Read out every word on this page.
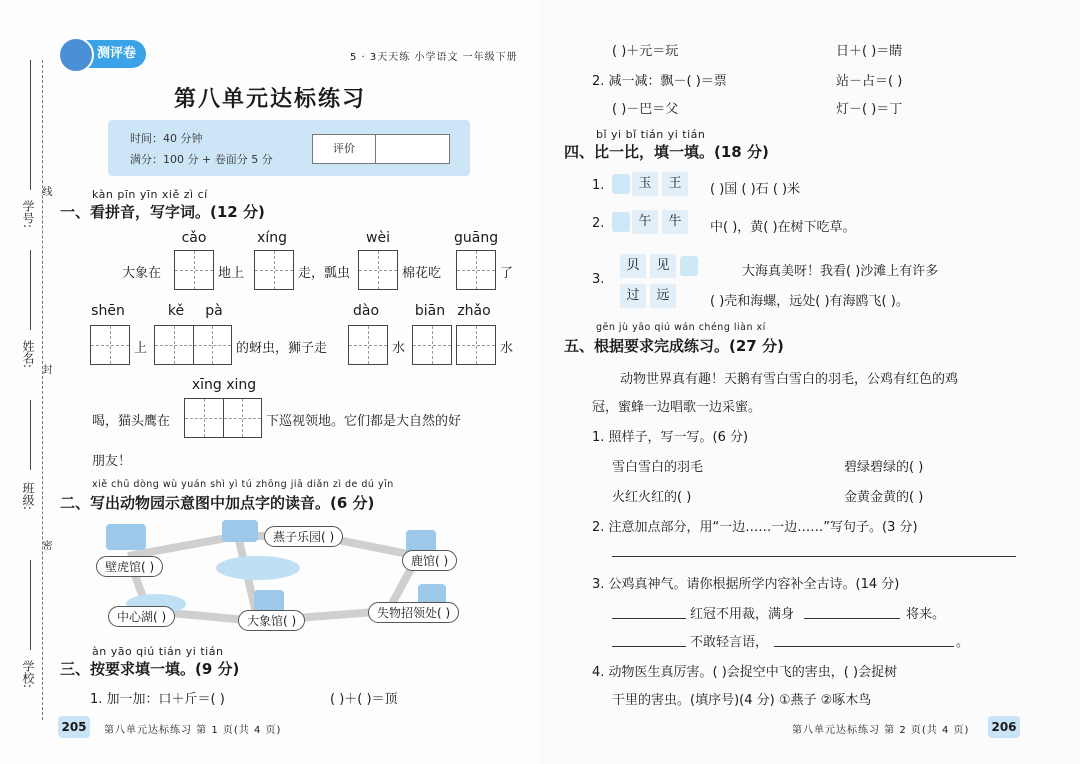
学号:
线
姓名:
封
班级:
密
学校:
测评卷	5 · 3天天练 小学语文 一年级下册
第八单元达标练习
时间：40 分钟
满分：100 分 + 卷面分 5 分
评价
kàn pīn yīn xiě zì cí
一、看拼音，写字词。(12 分)
cǎo	xíng	wèi	guāng
大象在	地上	走，瓢虫	棉花吃	了
shēn	kě	pà	dào	biān zhǎo
上	的蚜虫，狮子走	水	水
xīng xing
喝，猫头鹰在	下巡视领地。它们都是大自然的好
朋友！
xiě chū dòng wù yuán shì yì tú zhōng jiā diǎn zì de dú yīn
二、写出动物园示意图中加点字的读音。(6 分)
燕子乐园( )
壁虎馆( )	鹿馆( )
中心湖( )	大象馆( )
失物招领处( )
àn yāo qiú tián yi tián
三、按要求填一填。(9 分)
1. 加一加：口＋斤＝( )	( )＋( )＝顶
205	第八单元达标练习 第 1 页(共 4 页)
( )＋元＝玩	日＋( )＝睛
2. 减一减：飘－( )＝票	站－占＝( )
( )－巴＝父	灯－( )＝丁
bǐ yi bǐ tián yi tián
四、比一比，填一填。(18 分)
1.	玉	王	( )国 ( )石 ( )米
2.	午	牛	中( )，黄( )在树下吃草。
3.
贝	见
过	远
大海真美呀！我看( )沙滩上有许多
( )壳和海螺，远处( )有海鸥飞( )。
gēn jù yāo qiú wán chéng liàn xí
五、根据要求完成练习。(27 分)
动物世界真有趣！天鹅有雪白雪白的羽毛，公鸡有红色的鸡
冠，蜜蜂一边唱歌一边采蜜。
1. 照样子，写一写。(6 分)
雪白雪白的羽毛	碧绿碧绿的( )
火红火红的( )	金黄金黄的( )
2. 注意加点部分，用“一边……一边……”写句子。(3 分)
3. 公鸡真神气。请你根据所学内容补全古诗。(14 分)
红冠不用裁，满身	将来。
不敢轻言语，	。
4. 动物医生真厉害。( )会捉空中飞的害虫，( )会捉树
干里的害虫。(填序号)(4 分) ①燕子 ②啄木鸟
第八单元达标练习 第 2 页(共 4 页) 206
